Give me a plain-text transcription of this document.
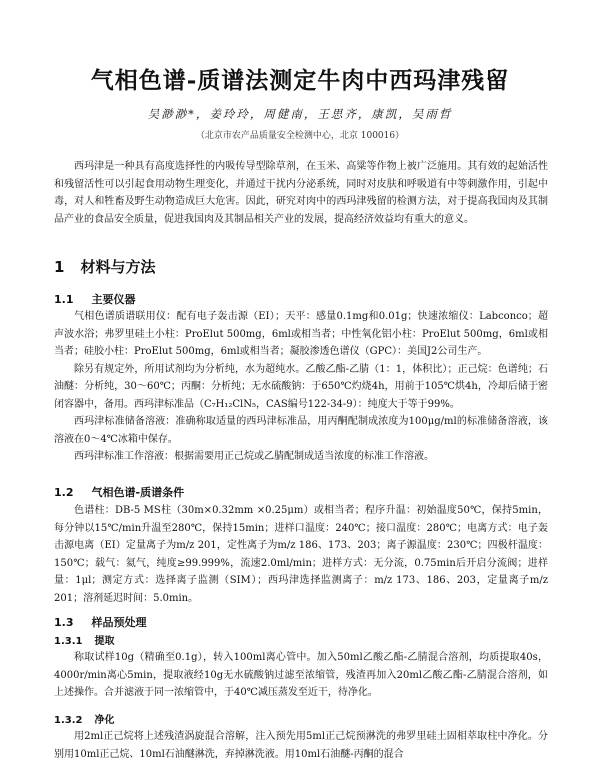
气相色谱-质谱法测定牛肉中西玛津残留
吴渺渺*，姜玲玲，周健南，王思齐，康凯，吴雨哲
（北京市农产品质量安全检测中心，北京 100016）

西玛津是一种具有高度选择性的内吸传导型除草剂，在玉米、高粱等作物上被广泛施用。其有效的起始活性和残留活性可以引起食用动物生理变化，并通过干扰内分泌系统，同时对皮肤和呼吸道有中等刺激作用，引起中毒，对人和牲畜及野生动物造成巨大危害。因此，研究对肉中的西玛津残留的检测方法，对于提高我国肉及其制品产业的食品安全质量，促进我国肉及其制品相关产业的发展，提高经济效益均有重大的意义。

1 材料与方法
1.1 主要仪器

气相色谱质谱联用仪：配有电子轰击源（EI）；天平：感量0.1mg和0.01g；快速浓缩仪：Labconco；超声波水浴；弗罗里硅土小柱：ProElut 500mg，6ml或相当者；中性氧化铝小柱：ProElut 500mg，6ml或相当者；硅胶小柱：ProElut 500mg，6ml或相当者；凝胶渗透色谱仪（GPC）：美国J2公司生产。

除另有规定外，所用试剂均为分析纯，水为超纯水。乙酸乙酯-乙腈（1：1，体积比）；正己烷：色谱纯；石油醚：分析纯，30～60℃；丙酮：分析纯；无水硫酸钠：于650℃灼烧4h，用前于105℃烘4h，冷却后储于密闭容器中，备用。西玛津标准品（C₇H₁₂ClN₅，CAS编号122-34-9）：纯度大于等于99%。

西玛津标准储备溶液：准确称取适量的西玛津标准品，用丙酮配制成浓度为100μg/ml的标准储备溶液，该溶液在0～4℃冰箱中保存。

西玛津标准工作溶液：根据需要用正己烷或乙腈配制成适当浓度的标准工作溶液。

1.2 气相色谱-质谱条件

色谱柱：DB-5 MS柱（30m×0.32mm ×0.25μm）或相当者；程序升温：初始温度50℃，保持5min，每分钟以15℃/min升温至280℃，保持15min；进样口温度：240℃；接口温度：280℃；电离方式：电子轰击源电离（EI）定量离子为m/z 201，定性离子为m/z 186、173、203；离子源温度：230℃；四极杆温度：150℃；载气：氦气，纯度≥99.999%，流速2.0ml/min；进样方式：无分流，0.75min后开启分流阀；进样量：1μl；测定方式：选择离子监测（SIM）；西玛津选择监测离子：m/z 173、186、203，定量离子m/z 201；溶剂延迟时间：5.0min。

1.3 样品预处理
1.3.1 提取

称取试样10g（精确至0.1g），转入100ml离心管中。加入50ml乙酸乙酯-乙腈混合溶剂，均质提取40s，4000r/min离心5min，提取液经10g无水硫酸钠过滤至浓缩管，残渣再加入20ml乙酸乙酯-乙腈混合溶剂，如上述操作。合并滤液于同一浓缩管中，于40℃减压蒸发至近干，待净化。

1.3.2 净化

用2ml正己烷将上述残渣涡旋混合溶解，注入预先用5ml正己烷预淋洗的弗罗里硅土固相萃取柱中净化。分别用10ml正己烷、10ml石油醚淋洗，弃掉淋洗液。用10ml石油醚-丙酮的混合
